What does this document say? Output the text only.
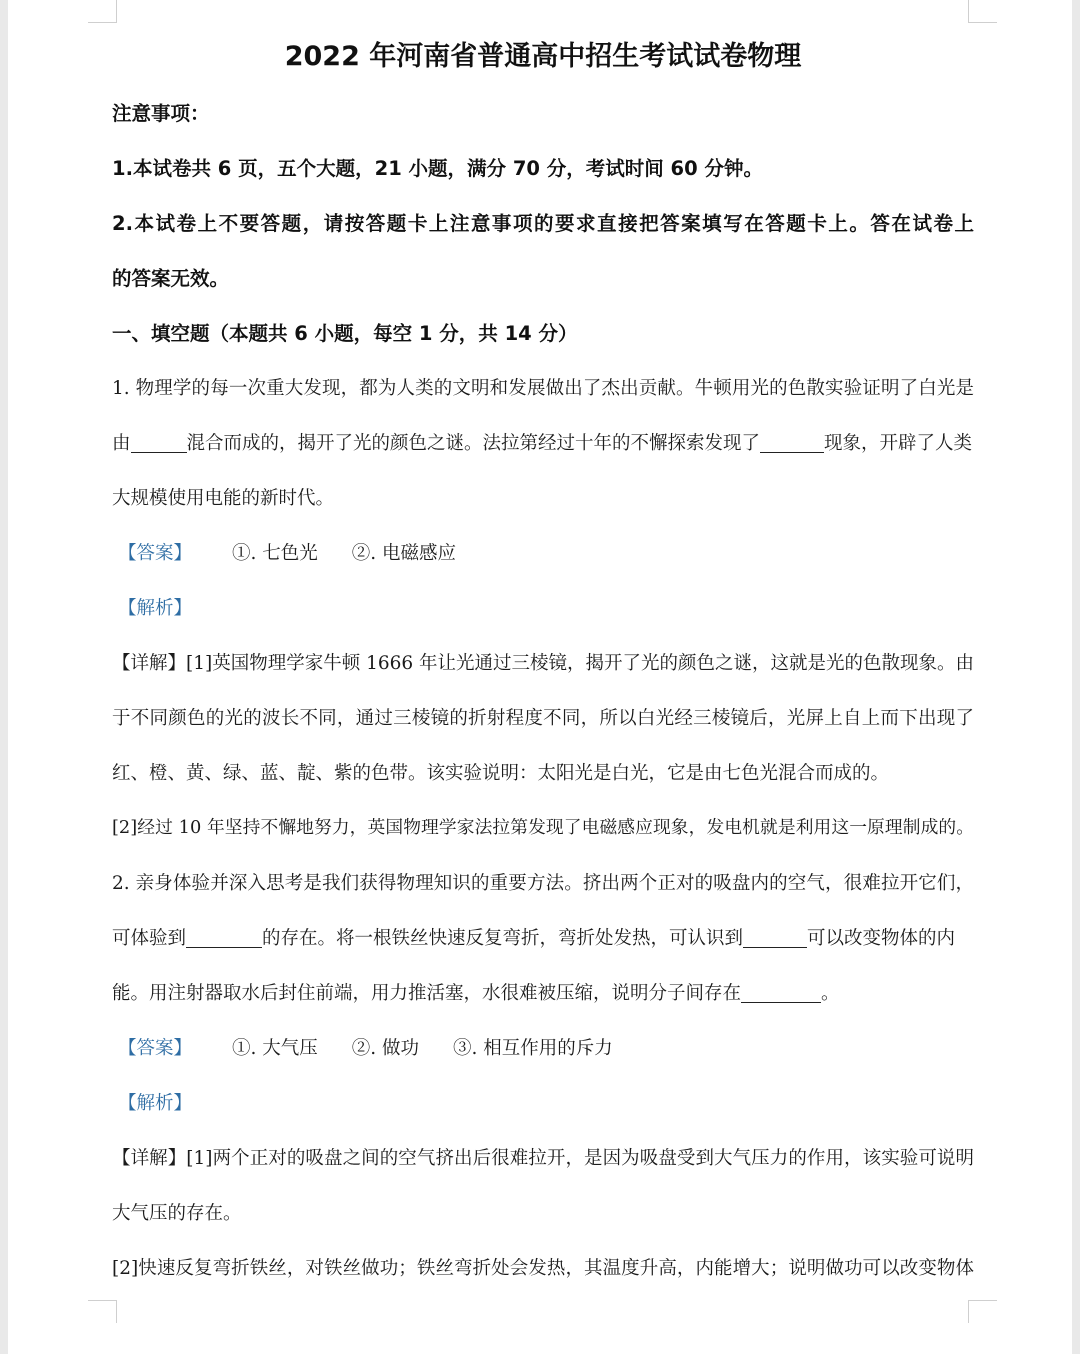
2022 年河南省普通高中招生考试试卷物理
注意事项：
1.本试卷共 6 页，五个大题，21 小题，满分 70 分，考试时间 60 分钟。
2.本试卷上不要答题，请按答题卡上注意事项的要求直接把答案填写在答题卡上。答在试卷上
的答案无效。
一、填空题（本题共 6 小题，每空 1 分，共 14 分）
1. 物理学的每一次重大发现，都为人类的文明和发展做出了杰出贡献。牛顿用光的色散实验证明了白光是
由	混合而成的，揭开了光的颜色之谜。法拉第经过十年的不懈探索发现了	现象，开辟了人类
大规模使用电能的新时代。
【答案】 ①. 七色光 ②. 电磁感应
【解析】
【详解】[1]英国物理学家牛顿 1666 年让光通过三棱镜，揭开了光的颜色之谜，这就是光的色散现象。由
于不同颜色的光的波长不同，通过三棱镜的折射程度不同，所以白光经三棱镜后，光屏上自上而下出现了
红、橙、黄、绿、蓝、靛、紫的色带。该实验说明：太阳光是白光，它是由七色光混合而成的。
[2]经过 10 年坚持不懈地努力，英国物理学家法拉第发现了电磁感应现象，发电机就是利用这一原理制成的。
2. 亲身体验并深入思考是我们获得物理知识的重要方法。挤出两个正对的吸盘内的空气，很难拉开它们，
可体验到	的存在。将一根铁丝快速反复弯折，弯折处发热，可认识到	可以改变物体的内
能。用注射器取水后封住前端，用力推活塞，水很难被压缩，说明分子间存在	。
【答案】 ①. 大气压 ②. 做功 ③. 相互作用的斥力
【解析】
【详解】[1]两个正对的吸盘之间的空气挤出后很难拉开，是因为吸盘受到大气压力的作用，该实验可说明
大气压的存在。
[2]快速反复弯折铁丝，对铁丝做功；铁丝弯折处会发热，其温度升高，内能增大；说明做功可以改变物体
